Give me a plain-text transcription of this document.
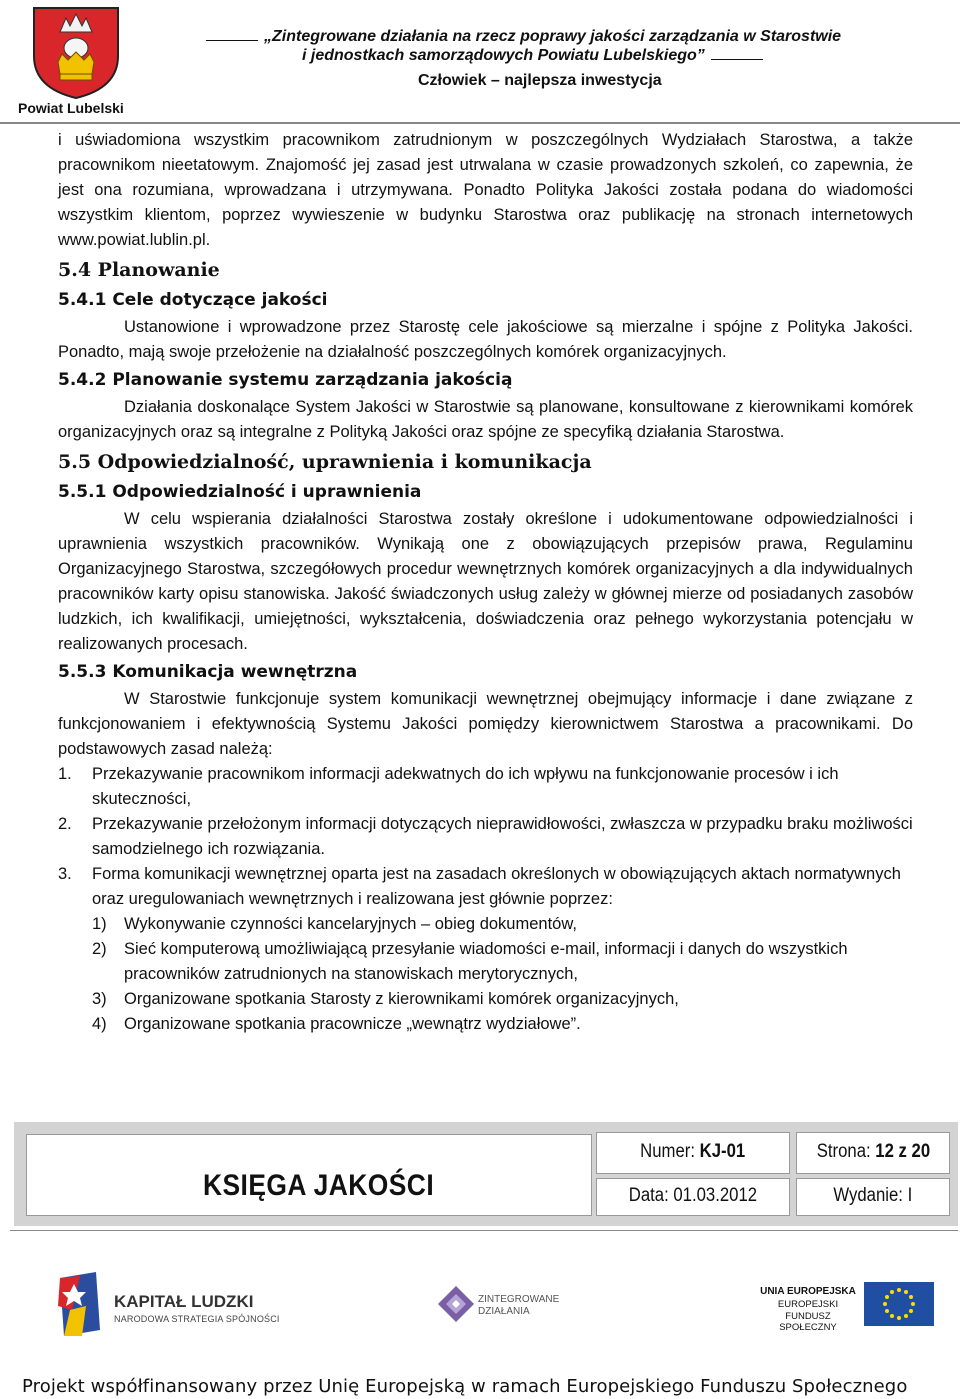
Powiat Lubelski
„Zintegrowane działania na rzecz poprawy jakości zarządzania w Starostwie
i jednostkach samorządowych Powiatu Lubelskiego”
Człowiek – najlepsza inwestycja

i uświadomiona wszystkim pracownikom zatrudnionym w poszczególnych Wydziałach Starostwa, a także pracownikom nieetatowym. Znajomość jej zasad jest utrwalana w czasie prowadzonych szkoleń, co zapewnia, że jest ona rozumiana, wprowadzana i utrzymywana. Ponadto Polityka Jakości została podana do wiadomości wszystkim klientom, poprzez wywieszenie w budynku Starostwa oraz publikację na stronach internetowych www.powiat.lublin.pl.

5.4 Planowanie
5.4.1 Cele dotyczące jakości

Ustanowione i wprowadzone przez Starostę cele jakościowe są mierzalne i spójne z Polityka Jakości. Ponadto, mają swoje przełożenie na działalność poszczególnych komórek organizacyjnych.

5.4.2 Planowanie systemu zarządzania jakością

Działania doskonalące System Jakości w Starostwie są planowane, konsultowane z kierownikami komórek organizacyjnych oraz są integralne z Polityką Jakości oraz spójne ze specyfiką działania Starostwa.

5.5 Odpowiedzialność, uprawnienia i komunikacja
5.5.1 Odpowiedzialność i uprawnienia

W celu wspierania działalności Starostwa zostały określone i udokumentowane odpowiedzialności i uprawnienia wszystkich pracowników. Wynikają one z obowiązujących przepisów prawa, Regulaminu Organizacyjnego Starostwa, szczegółowych procedur wewnętrznych komórek organizacyjnych a dla indywidualnych pracowników karty opisu stanowiska. Jakość świadczonych usług zależy w głównej mierze od posiadanych zasobów ludzkich, ich kwalifikacji, umiejętności, wykształcenia, doświadczenia oraz pełnego wykorzystania potencjału w realizowanych procesach.

5.5.3 Komunikacja wewnętrzna

W Starostwie funkcjonuje system komunikacji wewnętrznej obejmujący informacje i dane związane z funkcjonowaniem i efektywnością Systemu Jakości pomiędzy kierownictwem Starostwa a pracownikami. Do podstawowych zasad należą:

1. Przekazywanie pracownikom informacji adekwatnych do ich wpływu na funkcjonowanie procesów i ich skuteczności,
2. Przekazywanie przełożonym informacji dotyczących nieprawidłowości, zwłaszcza w przypadku braku możliwości samodzielnego ich rozwiązania.
3. Forma komunikacji wewnętrznej oparta jest na zasadach określonych w obowiązujących aktach normatywnych oraz uregulowaniach wewnętrznych i realizowana jest głównie poprzez:
1) Wykonywanie czynności kancelaryjnych – obieg dokumentów,
2) Sieć komputerową umożliwiającą przesyłanie wiadomości e-mail, informacji i danych do wszystkich pracowników zatrudnionych na stanowiskach merytorycznych,
3) Organizowane spotkania Starosty z kierownikami komórek organizacyjnych,
4) Organizowane spotkania pracownicze „wewnątrz wydziałowe”.
KSIĘGA JAKOŚCI
Numer: KJ-01	Strona: 12 z 20
Data: 01.03.2012	Wydanie: I
KAPITAŁ LUDZKI
NARODOWA STRATEGIA SPÓJNOŚCI
ZINTEGROWANE
DZIAŁANIA
UNIA EUROPEJSKA
EUROPEJSKI
FUNDUSZ SPOŁECZNY
Projekt współfinansowany przez Unię Europejską w ramach Europejskiego Funduszu Społecznego
